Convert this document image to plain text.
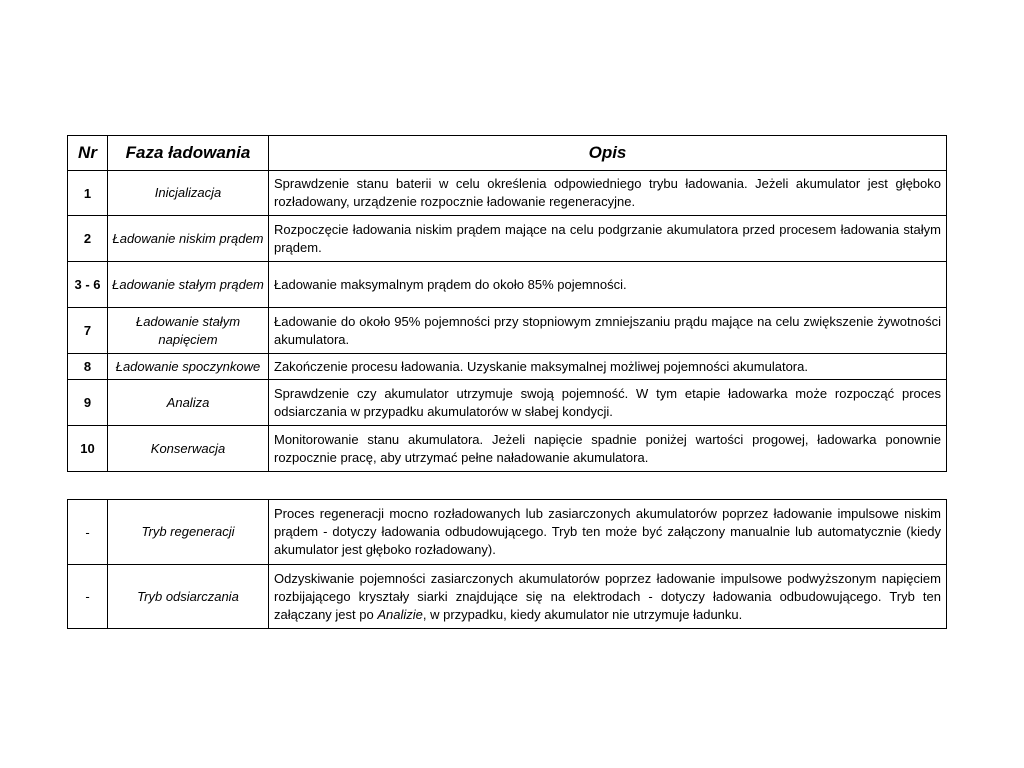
Nr	Faza ładowania	Opis
1	Inicjalizacja	Sprawdzenie stanu baterii w celu określenia odpowiedniego trybu ładowania. Jeżeli akumulator jest głęboko rozładowany, urządzenie rozpocznie ładowanie regeneracyjne.
2	Ładowanie niskim prądem	Rozpoczęcie ładowania niskim prądem mające na celu podgrzanie akumulatora przed procesem ładowania stałym prądem.
3 - 6	Ładowanie stałym prądem	Ładowanie maksymalnym prądem do około 85% pojemności.
7	Ładowanie stałym napięciem	Ładowanie do około 95% pojemności przy stopniowym zmniejszaniu prądu mające na celu zwiększenie żywotności akumulatora.
8	Ładowanie spoczynkowe	Zakończenie procesu ładowania. Uzyskanie maksymalnej możliwej pojemności akumulatora.
9	Analiza	Sprawdzenie czy akumulator utrzymuje swoją pojemność. W tym etapie ładowarka może rozpocząć proces odsiarczania w przypadku akumulatorów w słabej kondycji.
10	Konserwacja	Monitorowanie stanu akumulatora. Jeżeli napięcie spadnie poniżej wartości progowej, ładowarka ponownie rozpocznie pracę, aby utrzymać pełne naładowanie akumulatora.
-	Tryb regeneracji	Proces regeneracji mocno rozładowanych lub zasiarczonych akumulatorów poprzez ładowanie impulsowe niskim prądem - dotyczy ładowania odbudowującego. Tryb ten może być załączony manualnie lub automatycznie (kiedy akumulator jest głęboko rozładowany).
-	Tryb odsiarczania	Odzyskiwanie pojemności zasiarczonych akumulatorów poprzez ładowanie impulsowe podwyższonym napięciem rozbijającego kryształy siarki znajdujące się na elektrodach - dotyczy ładowania odbudowującego. Tryb ten załączany jest po Analizie, w przypadku, kiedy akumulator nie utrzymuje ładunku.
